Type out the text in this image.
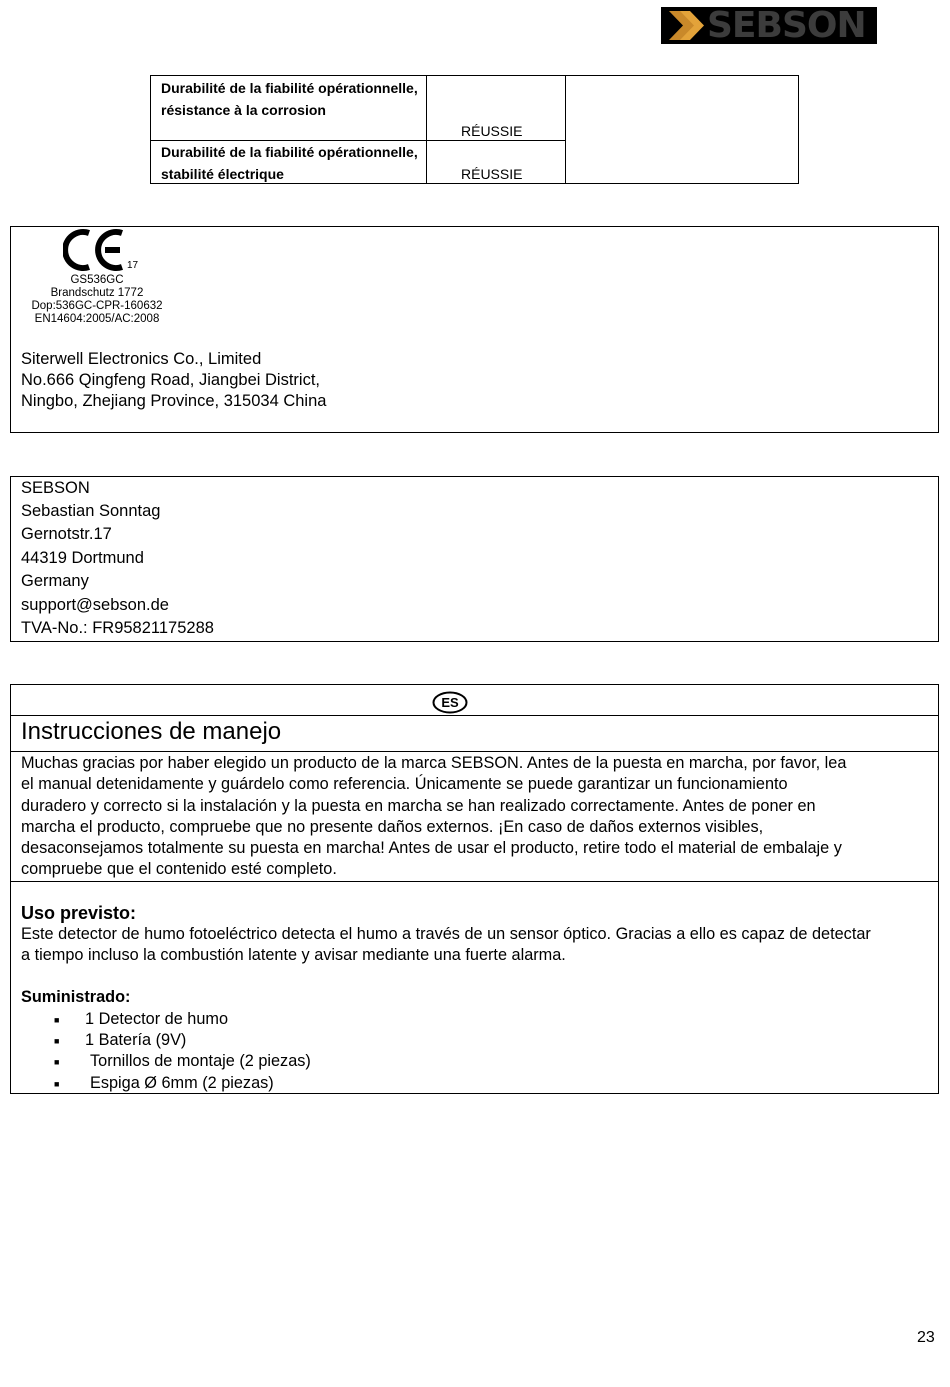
SEBSON
Durabilité de la fiabilité opérationnelle, résistance à la corrosion
RÉUSSIE
Durabilité de la fiabilité opérationnelle, stabilité électrique	RÉUSSIE
17
GS536GC
Brandschutz 1772
Dop:536GC-CPR-160632
EN14604:2005/AC:2008
Siterwell Electronics Co., Limited
No.666 Qingfeng Road, Jiangbei District,
Ningbo, Zhejiang Province, 315034 China
SEBSON
Sebastian Sonntag
Gernotstr.17
44319 Dortmund
Germany
support@sebson.de
TVA-No.: FR95821175288
ES
Instrucciones de manejo
Muchas gracias por haber elegido un producto de la marca SEBSON. Antes de la puesta en marcha, por favor, lea
el manual detenidamente y guárdelo como referencia. Únicamente se puede garantizar un funcionamiento
duradero y correcto si la instalación y la puesta en marcha se han realizado correctamente. Antes de poner en
marcha el producto, compruebe que no presente daños externos. ¡En caso de daños externos visibles,
desaconsejamos totalmente su puesta en marcha! Antes de usar el producto, retire todo el material de embalaje y
compruebe que el contenido esté completo.
Uso previsto:
Este detector de humo fotoeléctrico detecta el humo a través de un sensor óptico. Gracias a ello es capaz de detectar
a tiempo incluso la combustión latente y avisar mediante una fuerte alarma.
Suministrado:
■ 1 Detector de humo
■ 1 Batería (9V)
■ Tornillos de montaje (2 piezas)
■ Espiga Ø 6mm (2 piezas)
23
